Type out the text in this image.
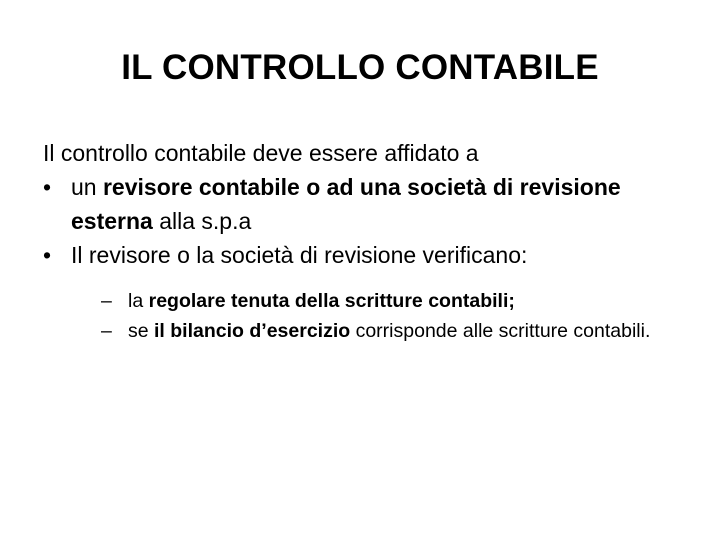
IL CONTROLLO CONTABILE

Il controllo contabile deve essere affidato a

• un revisore contabile o ad una società di revisione esterna alla s.p.a
• Il revisore o la società di revisione verificano:
– la regolare tenuta della scritture contabili;
– se il bilancio d’esercizio corrisponde alle scritture contabili.
